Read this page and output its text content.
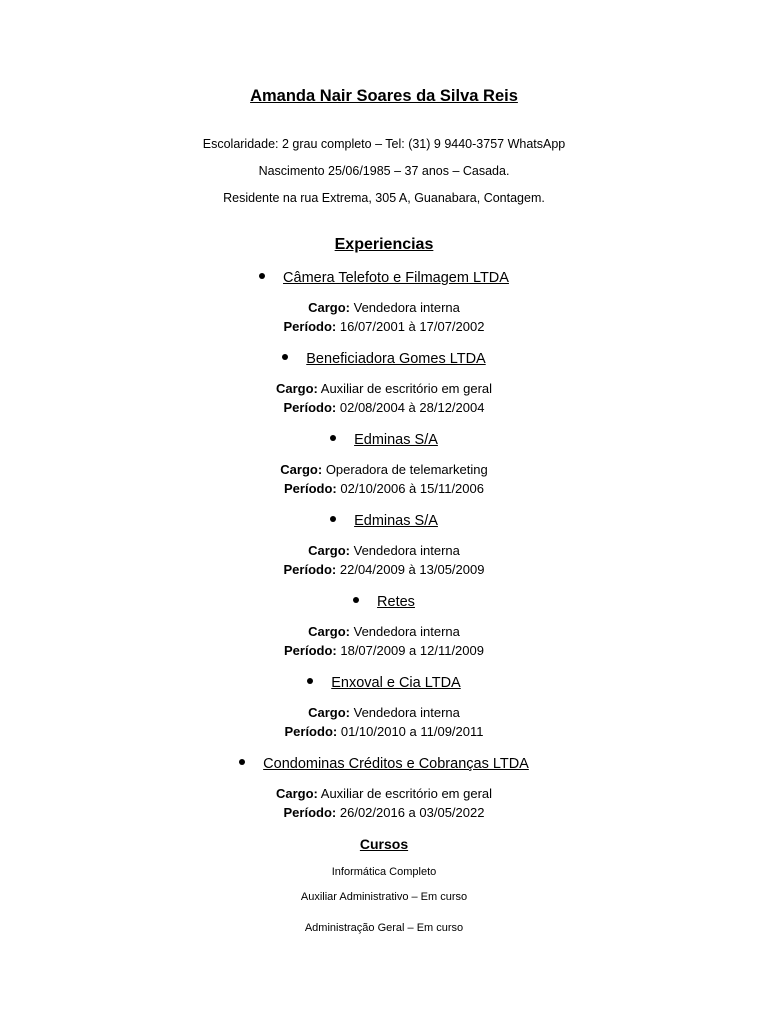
Amanda Nair Soares da Silva Reis
Escolaridade: 2 grau completo – Tel: (31) 9 9440-3757 WhatsApp
Nascimento 25/06/1985 – 37 anos – Casada.
Residente na rua Extrema, 305 A, Guanabara, Contagem.
Experiencias
Câmera Telefoto e Filmagem LTDA
Cargo: Vendedora interna
Período: 16/07/2001 à 17/07/2002
Beneficiadora Gomes LTDA
Cargo: Auxiliar de escritório em geral
Período: 02/08/2004 à 28/12/2004
Edminas S/A
Cargo: Operadora de telemarketing
Período: 02/10/2006 à 15/11/2006
Edminas S/A
Cargo: Vendedora interna
Período: 22/04/2009 à 13/05/2009
Retes
Cargo: Vendedora interna
Período: 18/07/2009 a 12/11/2009
Enxoval e Cia LTDA
Cargo: Vendedora interna
Período: 01/10/2010 a 11/09/2011
Condominas Créditos e Cobranças LTDA
Cargo: Auxiliar de escritório em geral
Período: 26/02/2016 a 03/05/2022
Cursos
Informática Completo
Auxiliar Administrativo – Em curso
Administração Geral – Em curso
